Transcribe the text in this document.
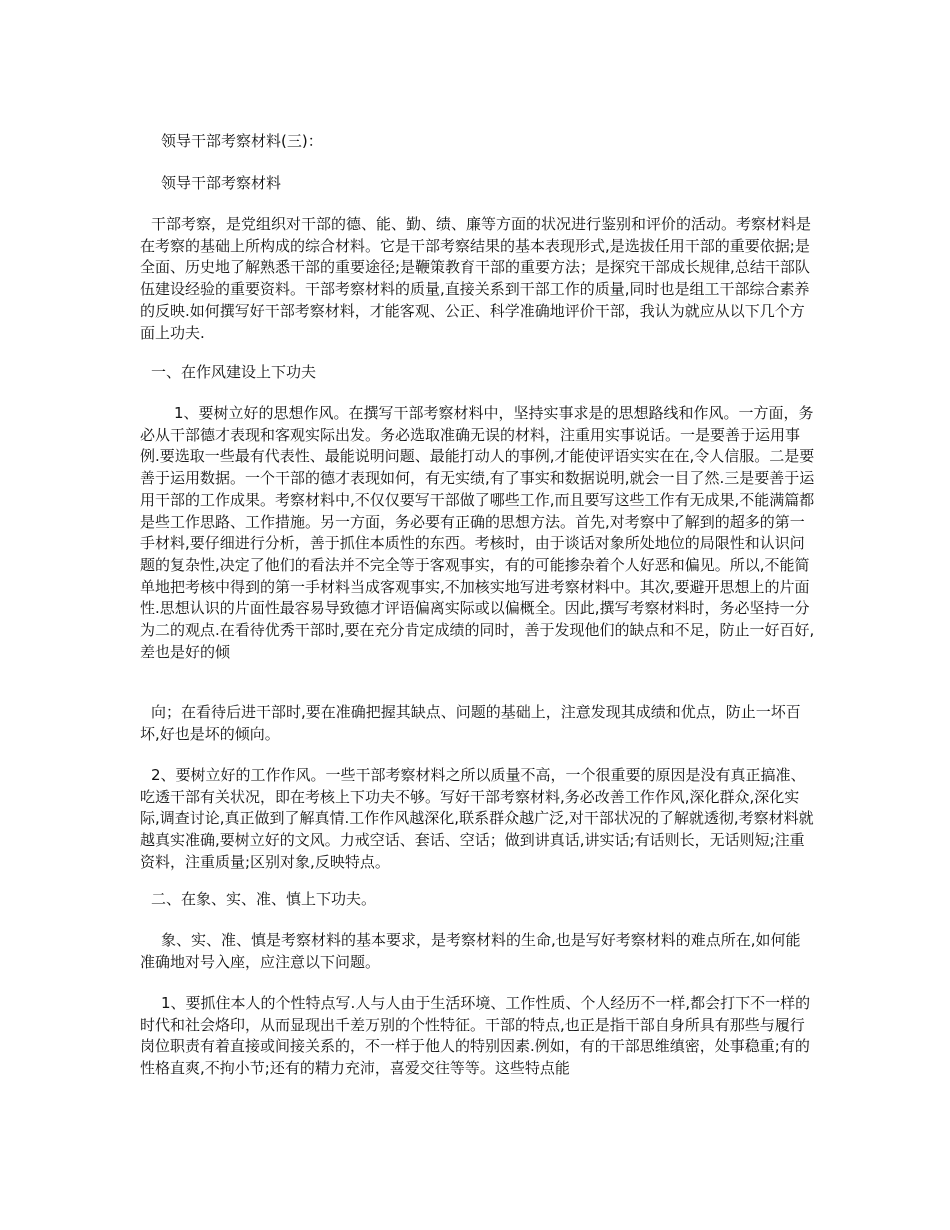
领导干部考察材料(三)：

领导干部考察材料

干部考察，是党组织对干部的德、能、勤、绩、廉等方面的状况进行鉴别和评价的活动。考察材料是在考察的基础上所构成的综合材料。它是干部考察结果的基本表现形式,是选拔任用干部的重要依据;是全面、历史地了解熟悉干部的重要途径;是鞭策教育干部的重要方法；是探究干部成长规律,总结干部队伍建设经验的重要资料。干部考察材料的质量,直接关系到干部工作的质量,同时也是组工干部综合素养的反映.如何撰写好干部考察材料，才能客观、公正、科学准确地评价干部，我认为就应从以下几个方面上功夫.

一、在作风建设上下功夫

1、要树立好的思想作风。在撰写干部考察材料中，坚持实事求是的思想路线和作风。一方面，务必从干部德才表现和客观实际出发。务必选取准确无误的材料，注重用实事说话。一是要善于运用事例.要选取一些最有代表性、最能说明问题、最能打动人的事例,才能使评语实实在在,令人信服。二是要善于运用数据。一个干部的德才表现如何，有无实绩,有了事实和数据说明,就会一目了然.三是要善于运用干部的工作成果。考察材料中,不仅仅要写干部做了哪些工作,而且要写这些工作有无成果,不能满篇都是些工作思路、工作措施。另一方面，务必要有正确的思想方法。首先,对考察中了解到的超多的第一手材料,要仔细进行分析，善于抓住本质性的东西。考核时，由于谈话对象所处地位的局限性和认识问题的复杂性,决定了他们的看法并不完全等于客观事实，有的可能掺杂着个人好恶和偏见。所以,不能简单地把考核中得到的第一手材料当成客观事实,不加核实地写进考察材料中。其次,要避开思想上的片面性.思想认识的片面性最容易导致德才评语偏离实际或以偏概全。因此,撰写考察材料时，务必坚持一分为二的观点.在看待优秀干部时,要在充分肯定成绩的同时，善于发现他们的缺点和不足，防止一好百好,差也是好的倾

向；在看待后进干部时,要在准确把握其缺点、问题的基础上，注意发现其成绩和优点，防止一坏百坏,好也是坏的倾向。

2、要树立好的工作作风。一些干部考察材料之所以质量不高，一个很重要的原因是没有真正搞准、吃透干部有关状况，即在考核上下功夫不够。写好干部考察材料,务必改善工作作风,深化群众,深化实际,调查讨论,真正做到了解真情.工作作风越深化,联系群众越广泛,对干部状况的了解就透彻,考察材料就越真实准确,要树立好的文风。力戒空话、套话、空话；做到讲真话,讲实话;有话则长，无话则短;注重资料，注重质量;区别对象,反映特点。

二、在象、实、准、慎上下功夫。

象、实、准、慎是考察材料的基本要求，是考察材料的生命,也是写好考察材料的难点所在,如何能准确地对号入座，应注意以下问题。

1、要抓住本人的个性特点写.人与人由于生活环境、工作性质、个人经历不一样,都会打下不一样的时代和社会烙印，从而显现出千差万别的个性特征。干部的特点,也正是指干部自身所具有那些与履行岗位职责有着直接或间接关系的，不一样于他人的特别因素.例如，有的干部思维缜密，处事稳重;有的性格直爽,不拘小节;还有的精力充沛，喜爱交往等等。这些特点能
